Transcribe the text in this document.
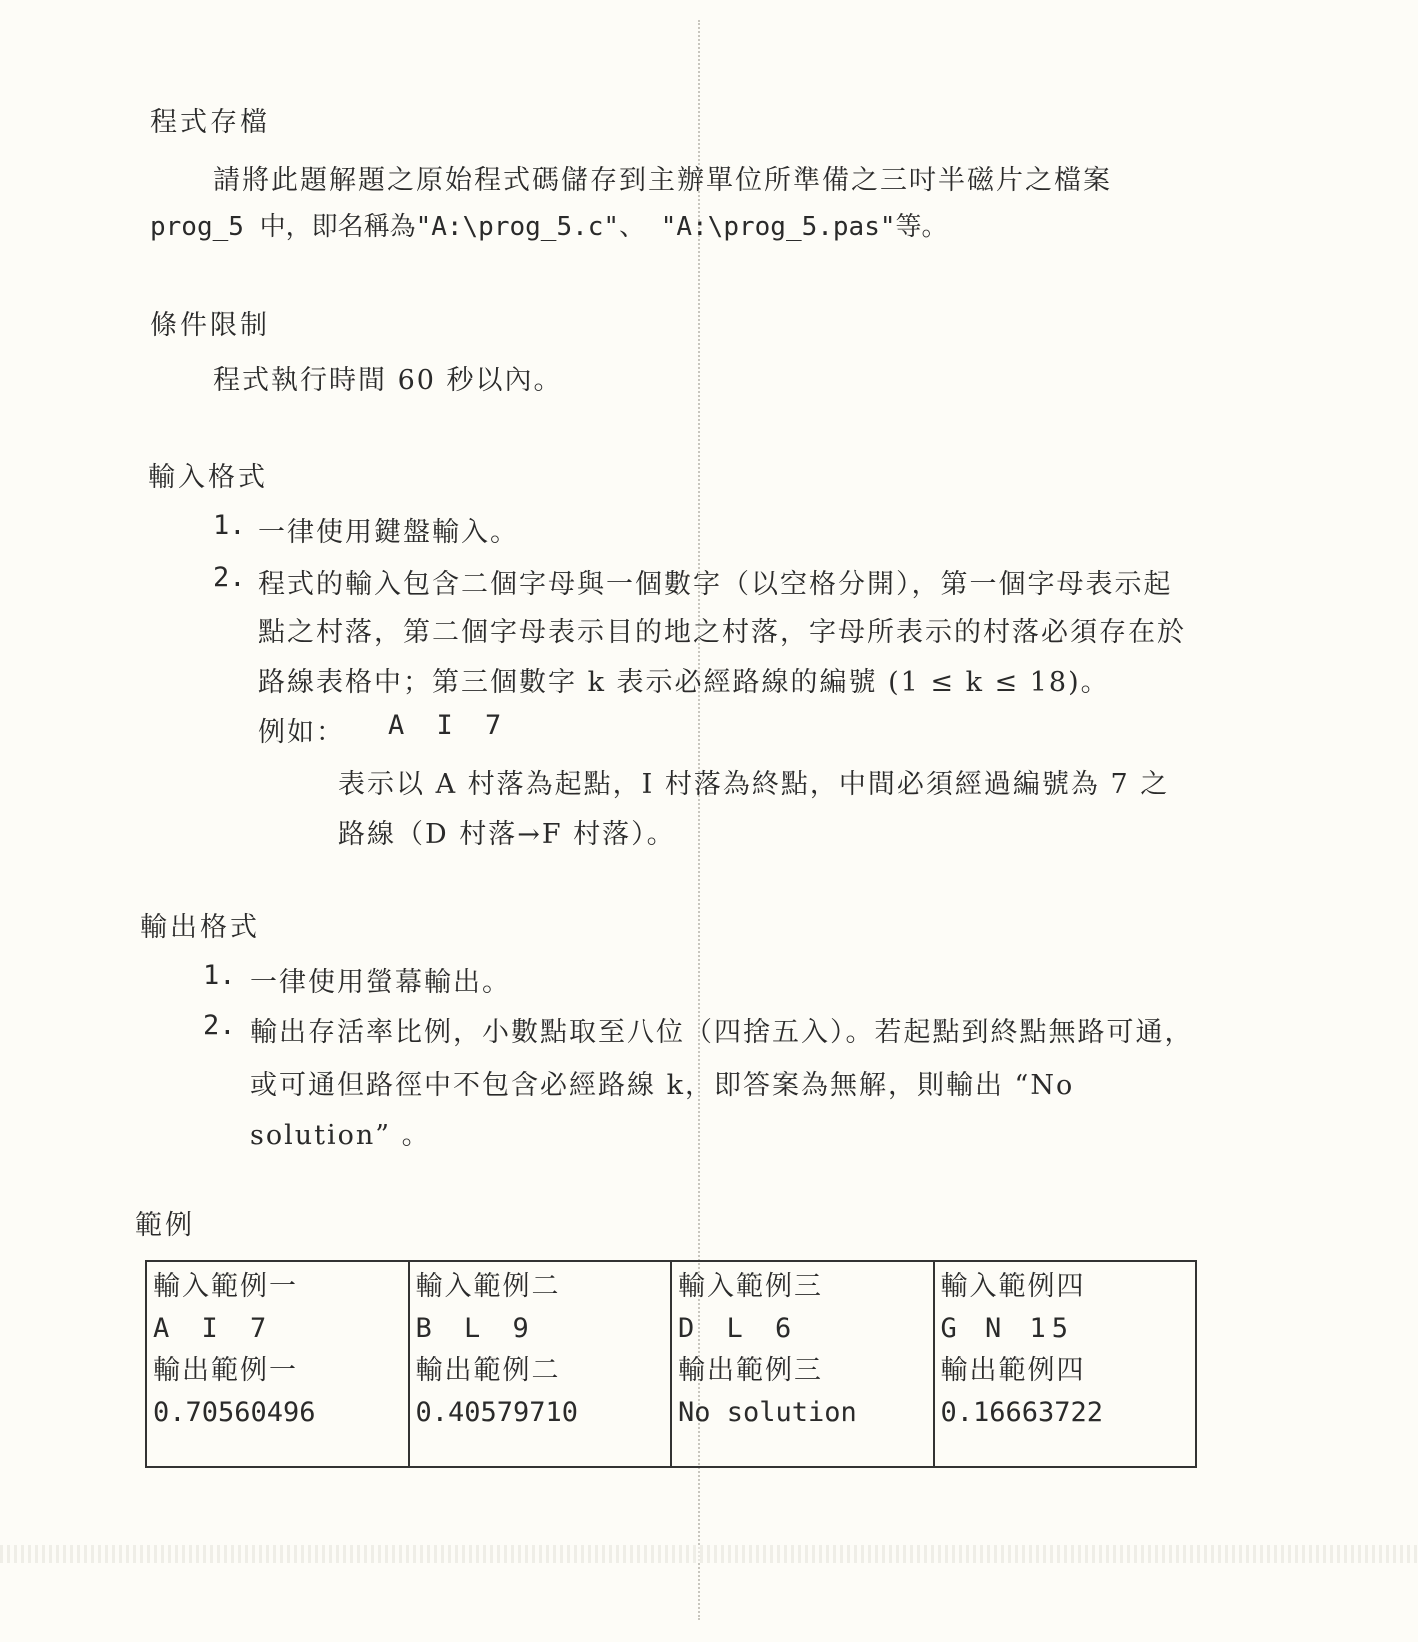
程式存檔
請將此題解題之原始程式碼儲存到主辦單位所準備之三吋半磁片之檔案
prog_5 中，即名稱為"A:\prog_5.c"、 "A:\prog_5.pas"等。
條件限制
程式執行時間 60 秒以內。
輸入格式
1. 一律使用鍵盤輸入。
2. 程式的輸入包含二個字母與一個數字（以空格分開），第一個字母表示起
點之村落，第二個字母表示目的地之村落，字母所表示的村落必須存在於
路線表格中；第三個數字 k 表示必經路線的編號 (1 ≤ k ≤ 18)。
例如： A I 7
表示以 A 村落為起點，I 村落為終點，中間必須經過編號為 7 之
路線（D 村落→F 村落）。
輸出格式
1. 一律使用螢幕輸出。
2. 輸出存活率比例，小數點取至八位（四捨五入）。若起點到終點無路可通，
或可通但路徑中不包含必經路線 k，即答案為無解，則輸出 “No
solution” 。
範例
輸入範例一
A I 7
輸出範例一
0.70560496

輸入範例二
B L 9
輸出範例二
0.40579710

輸入範例三
D L 6
輸出範例三
No solution

輸入範例四
G N 15
輸出範例四
0.16663722
